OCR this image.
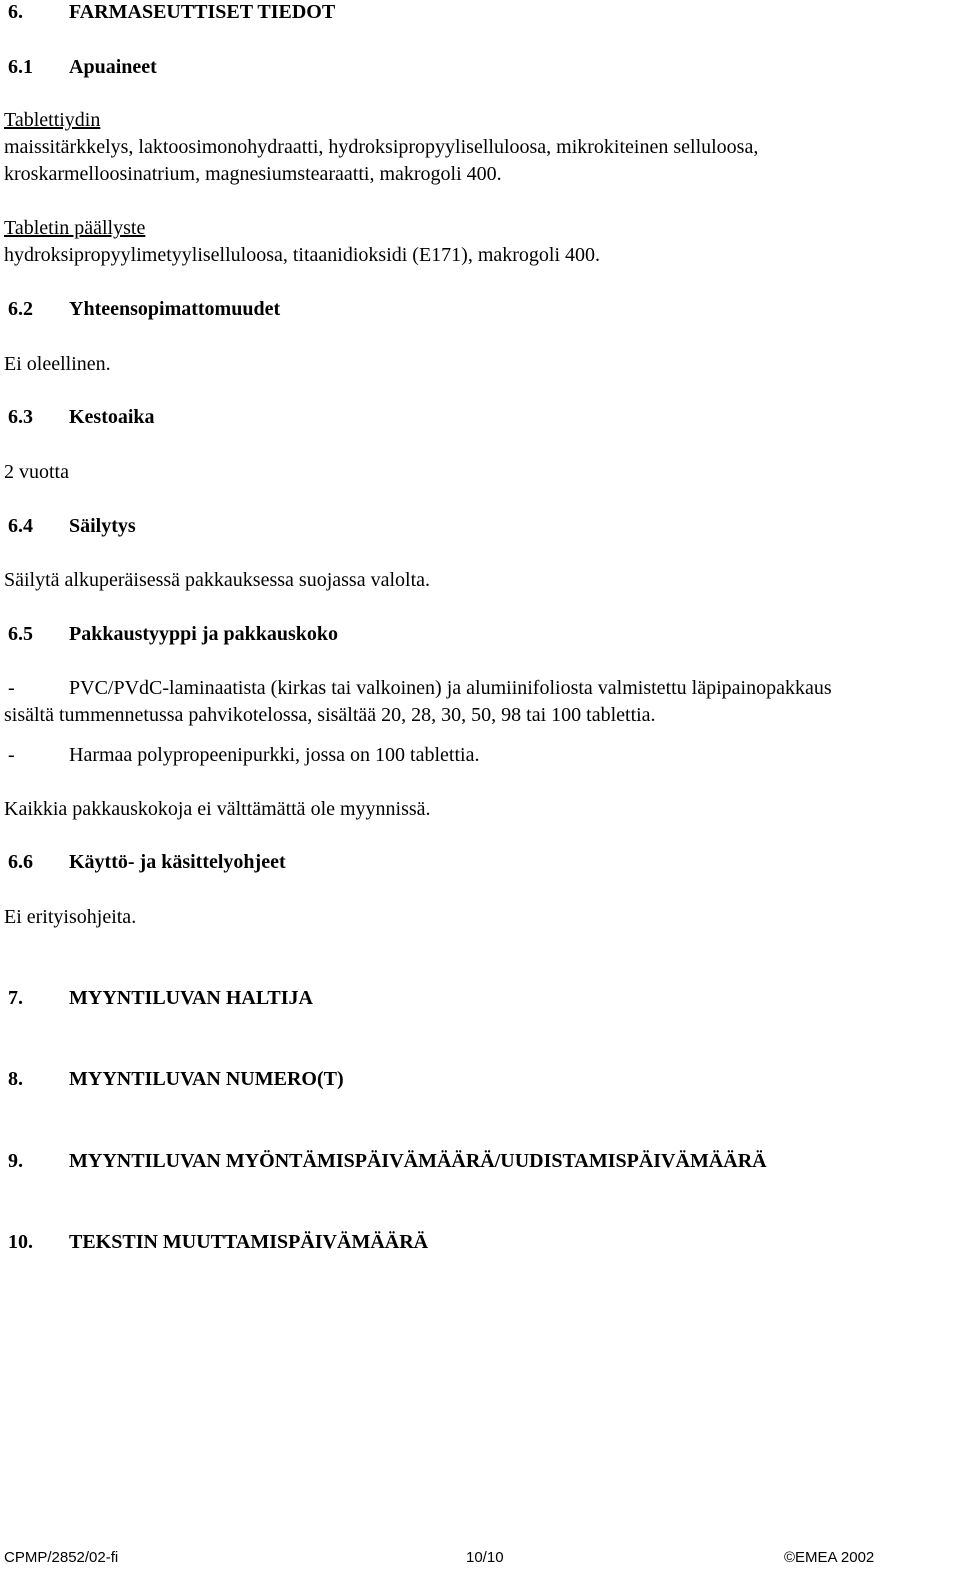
6. FARMASEUTTISET TIEDOT
6.1 Apuaineet
Tablettiydin
maissitärkkelys, laktoosimonohydraatti, hydroksipropyyliselluloosa, mikrokiteinen selluloosa,
kroskarmelloosinatrium, magnesiumstearaatti, makrogoli 400.
Tabletin päällyste
hydroksipropyylimetyyliselluloosa, titaanidioksidi (E171), makrogoli 400.
6.2 Yhteensopimattomuudet
Ei oleellinen.
6.3 Kestoaika
2 vuotta
6.4 Säilytys
Säilytä alkuperäisessä pakkauksessa suojassa valolta.
6.5 Pakkaustyyppi ja pakkauskoko
-	PVC/PVdC-laminaatista (kirkas tai valkoinen) ja alumiinifoliosta valmistettu läpipainopakkaus
sisältä tummennetussa pahvikotelossa, sisältää 20, 28, 30, 50, 98 tai 100 tablettia.
-	Harmaa polypropeenipurkki, jossa on 100 tablettia.
Kaikkia pakkauskokoja ei välttämättä ole myynnissä.
6.6 Käyttö- ja käsittelyohjeet
Ei erityisohjeita.
7. MYYNTILUVAN HALTIJA
8. MYYNTILUVAN NUMERO(T)
9. MYYNTILUVAN MYÖNTÄMISPÄIVÄMÄÄRÄ/UUDISTAMISPÄIVÄMÄÄRÄ
10. TEKSTIN MUUTTAMISPÄIVÄMÄÄRÄ
CPMP/2852/02-fi	10/10	©EMEA 2002
